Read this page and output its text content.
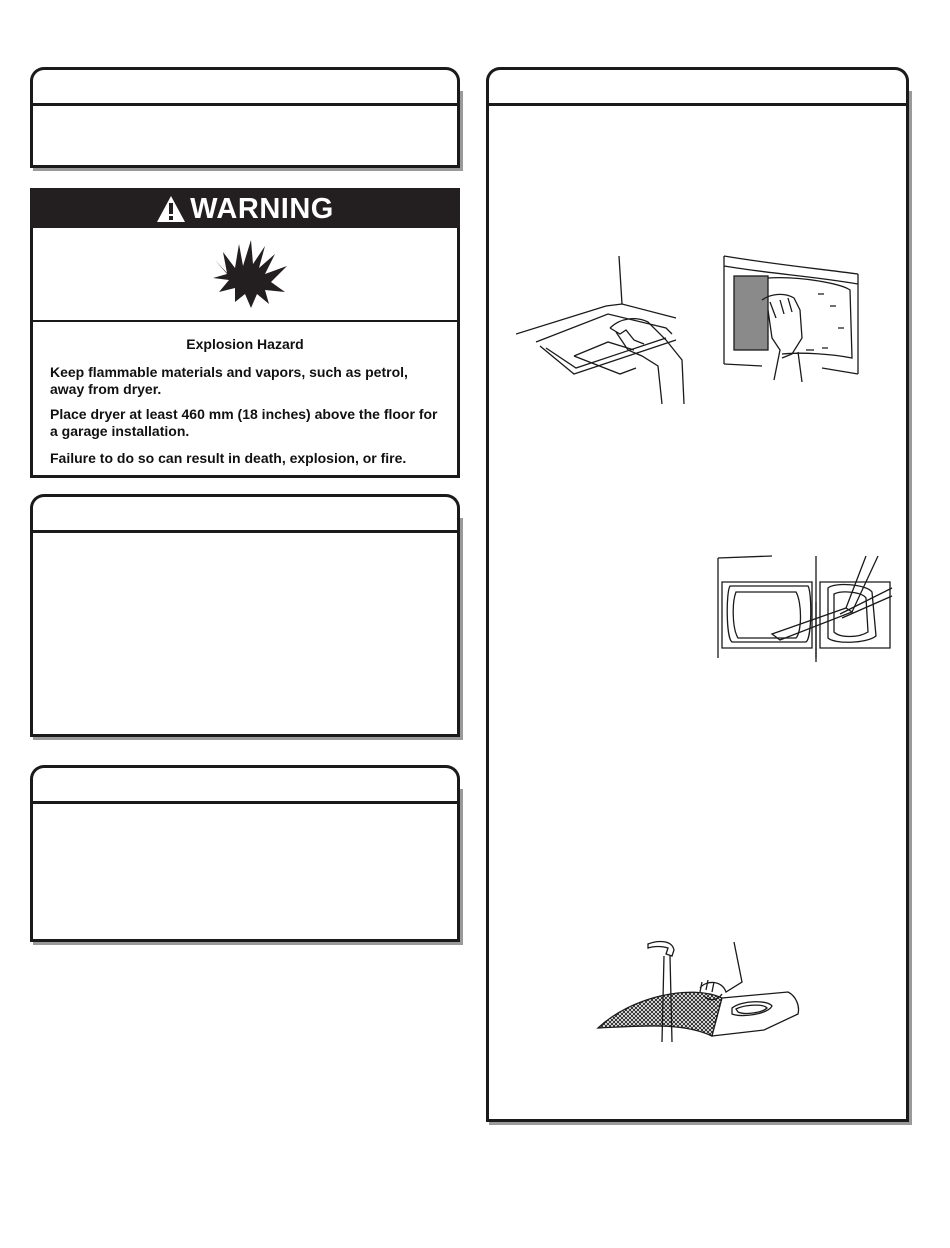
WARNING
Explosion Hazard
Keep flammable materials and vapors, such as petrol, away from dryer.
Place dryer at least 460 mm (18 inches) above the floor for a garage installation.
Failure to do so can result in death, explosion, or fire.
